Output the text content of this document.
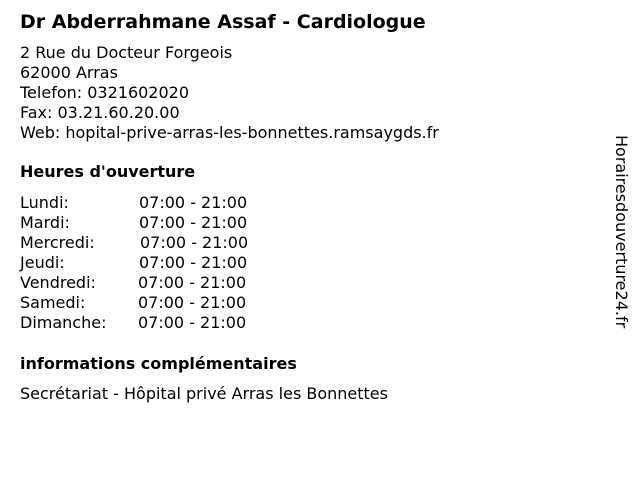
Dr Abderrahmane Assaf - Cardiologue
2 Rue du Docteur Forgeois
62000 Arras
Telefon: 0321602020
Fax: 03.21.60.20.00
Web: hopital-prive-arras-les-bonnettes.ramsaygds.fr
Heures d'ouverture
Lundi:	07:00 - 21:00
Mardi:	07:00 - 21:00
Mercredi:	07:00 - 21:00
Jeudi:	07:00 - 21:00
Vendredi:	07:00 - 21:00
Samedi:	07:00 - 21:00
Dimanche: 07:00 - 21:00
informations complémentaires
Secrétariat - Hôpital privé Arras les Bonnettes
Horairesdouverture24.fr
